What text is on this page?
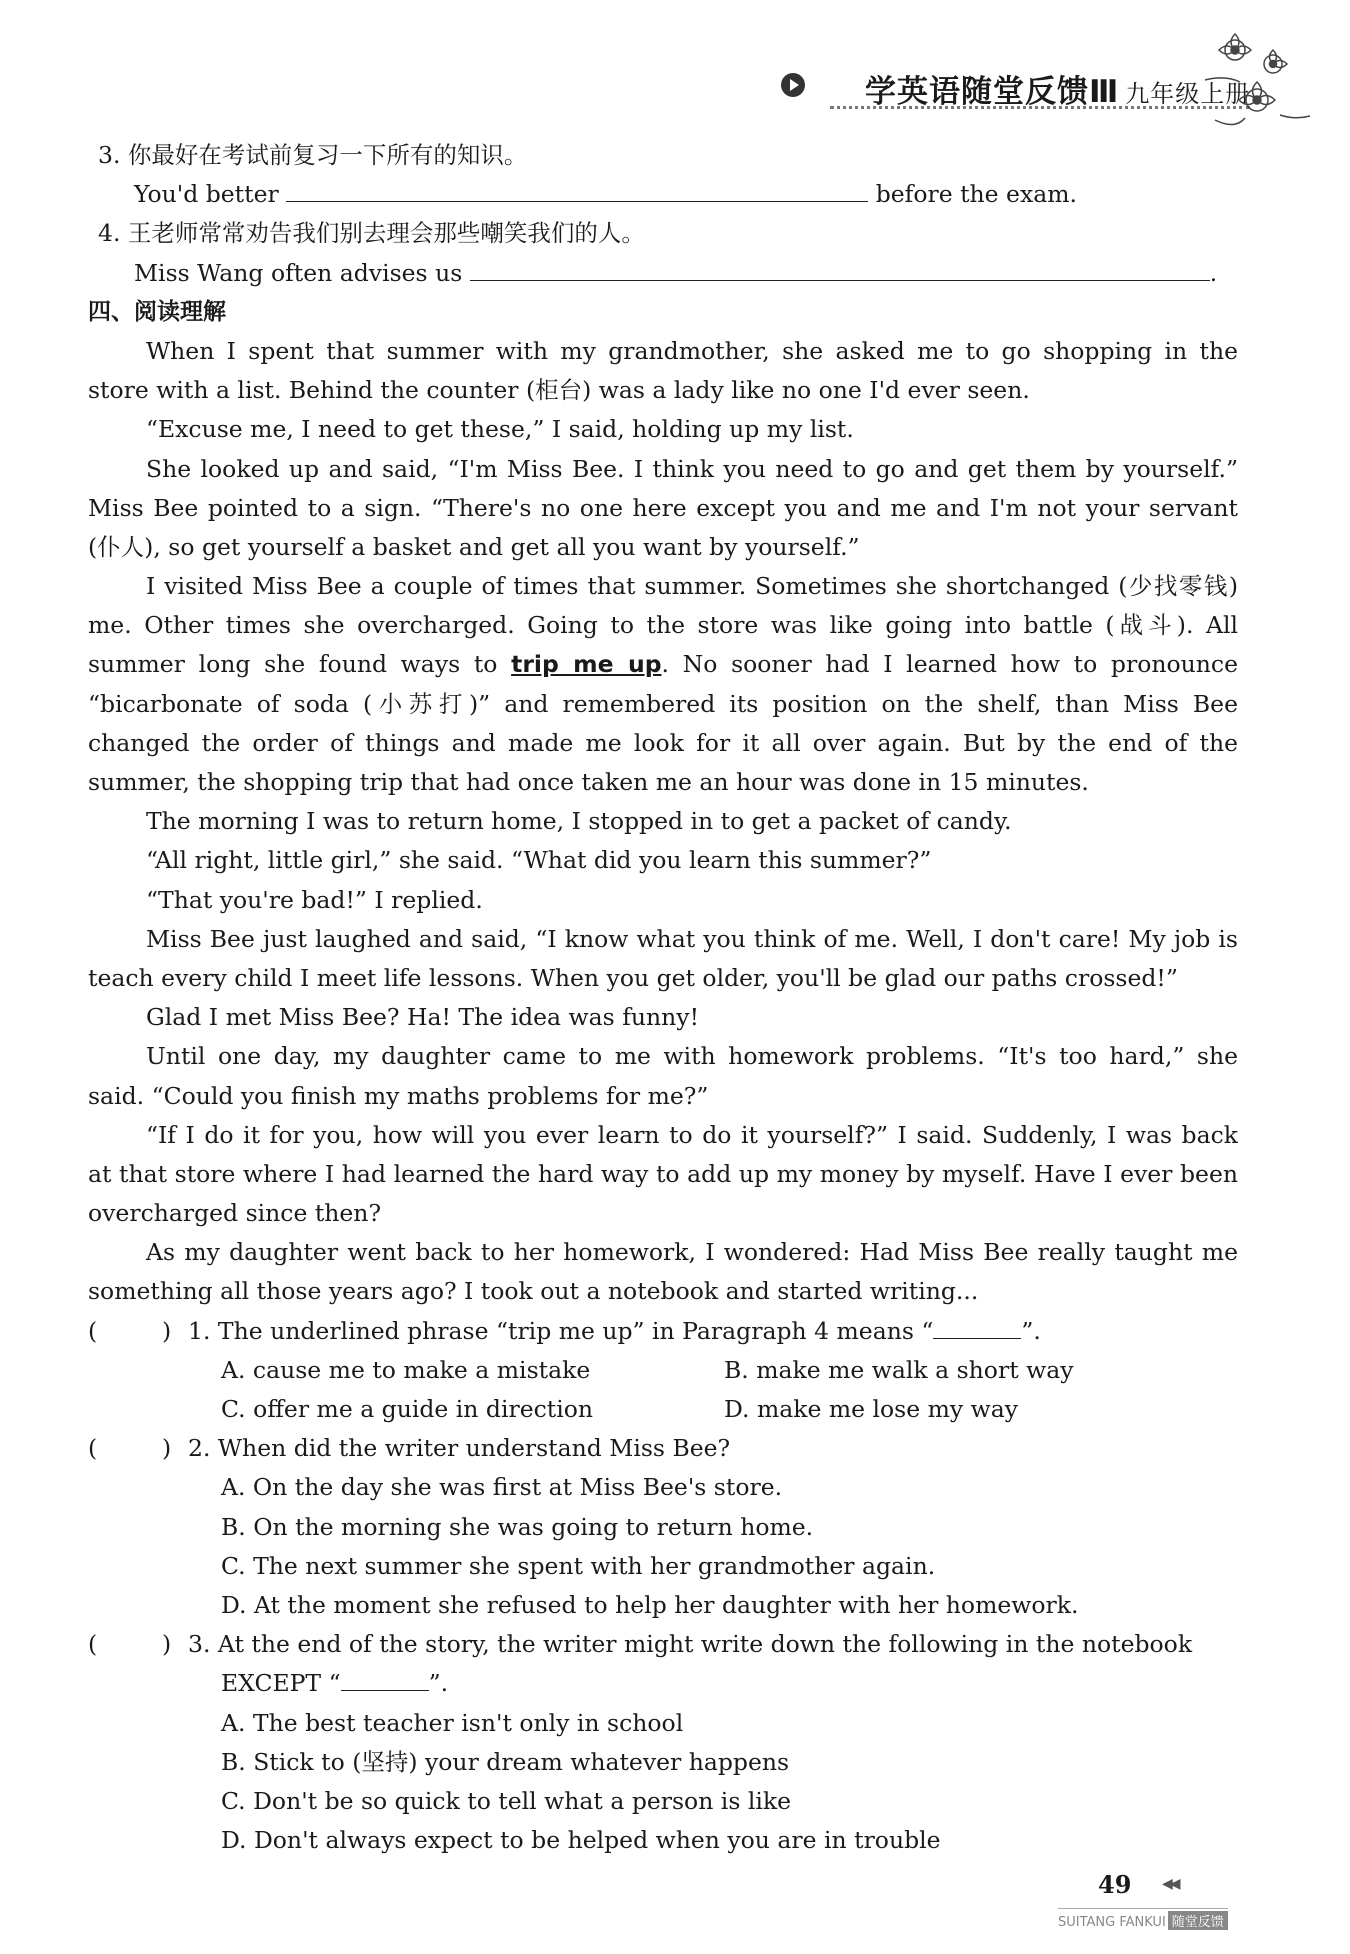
学英语随堂反馈Ⅲ 九年级上册
3. 你最好在考试前复习一下所有的知识。
You'd better	before the exam.
4. 王老师常常劝告我们别去理会那些嘲笑我们的人。
Miss Wang often advises us	.
四、阅读理解
When I spent that summer with my grandmother, she asked me to go shopping in the
store with a list. Behind the counter (柜台) was a lady like no one I'd ever seen.
“Excuse me, I need to get these,” I said, holding up my list.
She looked up and said, “I'm Miss Bee. I think you need to go and get them by yourself.”
Miss Bee pointed to a sign. “There's no one here except you and me and I'm not your servant
(仆人), so get yourself a basket and get all you want by yourself.”
I visited Miss Bee a couple of times that summer. Sometimes she shortchanged (少找零钱)
me. Other times she overcharged. Going to the store was like going into battle (战斗). All
summer long she found ways to trip me up. No sooner had I learned how to pronounce
“bicarbonate of soda (小苏打)” and remembered its position on the shelf, than Miss Bee
changed the order of things and made me look for it all over again. But by the end of the
summer, the shopping trip that had once taken me an hour was done in 15 minutes.
The morning I was to return home, I stopped in to get a packet of candy.
“All right, little girl,” she said. “What did you learn this summer?”
“That you're bad!” I replied.
Miss Bee just laughed and said, “I know what you think of me. Well, I don't care! My job is
teach every child I meet life lessons. When you get older, you'll be glad our paths crossed!”
Glad I met Miss Bee? Ha! The idea was funny!
Until one day, my daughter came to me with homework problems. “It's too hard,” she
said. “Could you finish my maths problems for me?”
“If I do it for you, how will you ever learn to do it yourself?” I said. Suddenly, I was back
at that store where I had learned the hard way to add up my money by myself. Have I ever been
overcharged since then?
As my daughter went back to her homework, I wondered: Had Miss Bee really taught me
something all those years ago? I took out a notebook and started writing...
(	) 1. The underlined phrase “trip me up” in Paragraph 4 means “	”.
A. cause me to make a mistake	B. make me walk a short way
C. offer me a guide in direction	D. make me lose my way
(	) 2. When did the writer understand Miss Bee?
A. On the day she was first at Miss Bee's store.
B. On the morning she was going to return home.
C. The next summer she spent with her grandmother again.
D. At the moment she refused to help her daughter with her homework.
(	) 3. At the end of the story, the writer might write down the following in the notebook
EXCEPT “	”.
A. The best teacher isn't only in school
B. Stick to (坚持) your dream whatever happens
C. Don't be so quick to tell what a person is like
D. Don't always expect to be helped when you are in trouble
49 ◀◀
SUITANG FANKUI 随堂反馈
